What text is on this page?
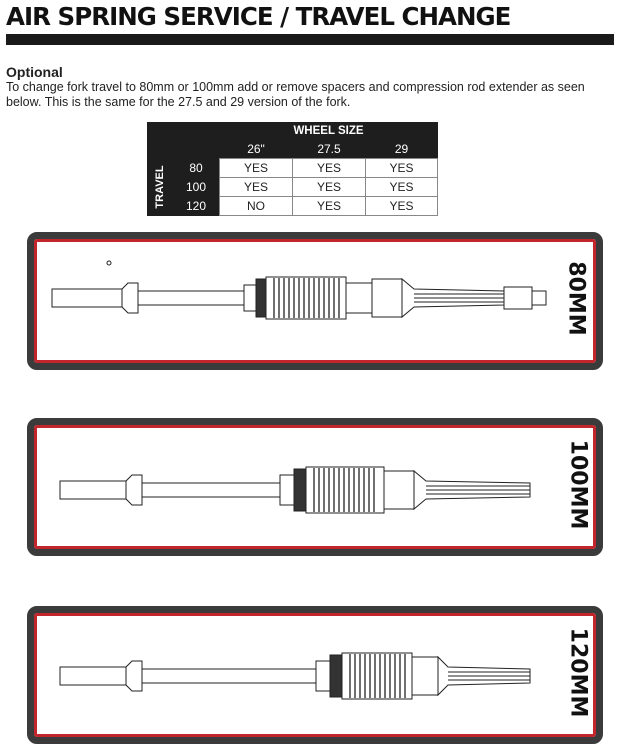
AIR SPRING SERVICE / TRAVEL CHANGE
Optional
To change fork travel to 80mm or 100mm add or remove spacers and compression rod extender as seen below. This is the same for the 27.5 and 29 version of the fork.
		WHEEL SIZE		
		26"	27.5	29

TRAVEL	80	YES	YES	YES
	100	YES	YES	YES
	120	NO	YES	YES
80MM
100MM
120MM
